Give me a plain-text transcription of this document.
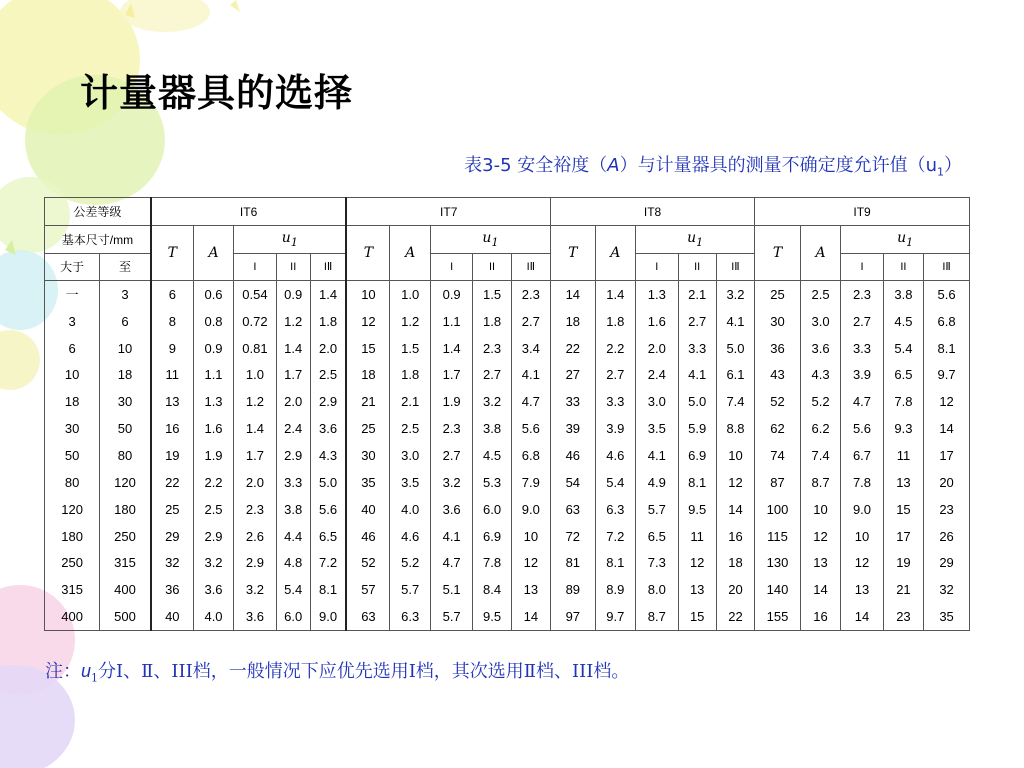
计量器具的选择
表3-5 安全裕度（A）与计量器具的测量不确定度允许值$(u_1)$
公差等级		IT6					IT7					IT8					IT9				
基本尺寸/mm		T	A	$u_1$			T	A	$u_1$			T	A	$u_1$			T	A	$u_1$
大于	至			I	II	IⅡ			I	II	IⅡ			I	II	IⅡ			I	II	IⅡ
一	3	6	0.6	0.54	0.9	1.4	10	1.0	0.9	1.5	2.3	14	1.4	1.3	2.1	3.2	25	2.5	2.3	3.8	5.6
3	6	8	0.8	0.72	1.2	1.8	12	1.2	1.1	1.8	2.7	18	1.8	1.6	2.7	4.1	30	3.0	2.7	4.5	6.8
6	10	9	0.9	0.81	1.4	2.0	15	1.5	1.4	2.3	3.4	22	2.2	2.0	3.3	5.0	36	3.6	3.3	5.4	8.1
10	18	11	1.1	1.0	1.7	2.5	18	1.8	1.7	2.7	4.1	27	2.7	2.4	4.1	6.1	43	4.3	3.9	6.5	9.7
18	30	13	1.3	1.2	2.0	2.9	21	2.1	1.9	3.2	4.7	33	3.3	3.0	5.0	7.4	52	5.2	4.7	7.8	12
30	50	16	1.6	1.4	2.4	3.6	25	2.5	2.3	3.8	5.6	39	3.9	3.5	5.9	8.8	62	6.2	5.6	9.3	14
50	80	19	1.9	1.7	2.9	4.3	30	3.0	2.7	4.5	6.8	46	4.6	4.1	6.9	10	74	7.4	6.7	11	17
80	120	22	2.2	2.0	3.3	5.0	35	3.5	3.2	5.3	7.9	54	5.4	4.9	8.1	12	87	8.7	7.8	13	20
120	180	25	2.5	2.3	3.8	5.6	40	4.0	3.6	6.0	9.0	63	6.3	5.7	9.5	14	100	10	9.0	15	23
180	250	29	2.9	2.6	4.4	6.5	46	4.6	4.1	6.9	10	72	7.2	6.5	11	16	115	12	10	17	26
250	315	32	3.2	2.9	4.8	7.2	52	5.2	4.7	7.8	12	81	8.1	7.3	12	18	130	13	12	19	29
315	400	36	3.6	3.2	5.4	8.1	57	5.7	5.1	8.4	13	89	8.9	8.0	13	20	140	14	13	21	32
400	500	40	4.0	3.6	6.0	9.0	63	6.3	5.7	9.5	14	97	9.7	8.7	15	22	155	16	14	23	35
注：$u_1$分Ⅰ、Ⅱ、III档，一般情况下应优先选用Ⅰ档，其次选用Ⅱ档、III档。
